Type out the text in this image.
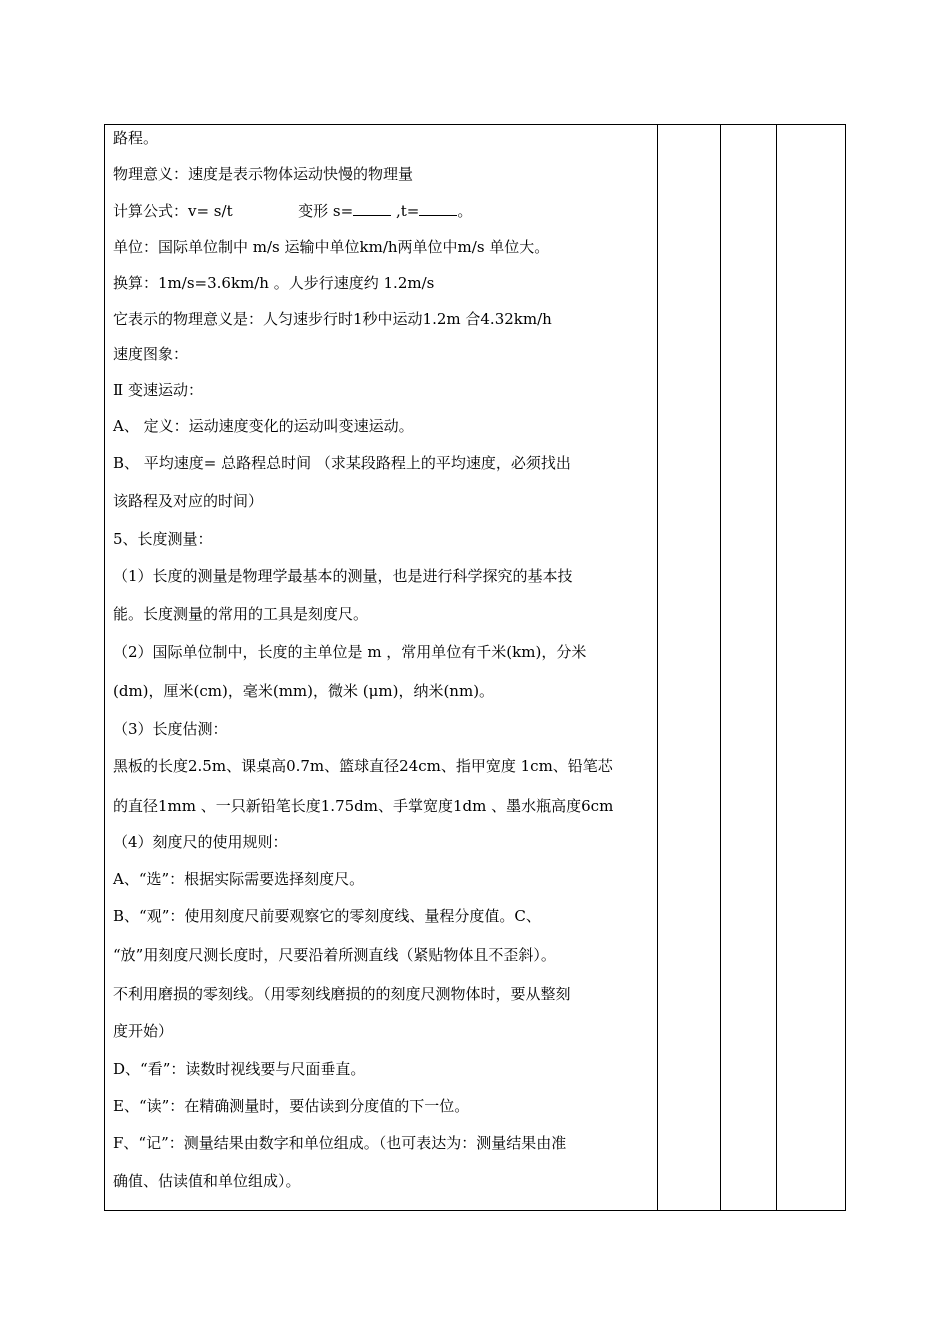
路程。
物理意义：速度是表示物体运动快慢的物理量
计算公式：v= s/t	变形 s=	,t=	。
单位：国际单位制中 m/s 运输中单位km/h两单位中m/s 单位大。
换算：1m/s=3.6km/h 。人步行速度约 1.2m/s
它表示的物理意义是：人匀速步行时1秒中运动1.2m 合4.32km/h
速度图象：
Ⅱ 变速运动：
A、 定义：运动速度变化的运动叫变速运动。
B、 平均速度= 总路程总时间 （求某段路程上的平均速度，必须找出
该路程及对应的时间）
5、长度测量：
（1）长度的测量是物理学最基本的测量，也是进行科学探究的基本技
能。长度测量的常用的工具是刻度尺。
（2）国际单位制中，长度的主单位是 m ，常用单位有千米(km)，分米
(dm)，厘米(cm)，毫米(mm)，微米 (μm)，纳米(nm)。
（3）长度估测：
黑板的长度2.5m、课桌高0.7m、篮球直径24cm、指甲宽度 1cm、铅笔芯
的直径1mm 、一只新铅笔长度1.75dm、手掌宽度1dm 、墨水瓶高度6cm
（4）刻度尺的使用规则：
A、“选”：根据实际需要选择刻度尺。
B、“观”：使用刻度尺前要观察它的零刻度线、量程分度值。C、
“放”用刻度尺测长度时，尺要沿着所测直线（紧贴物体且不歪斜）。
不利用磨损的零刻线。（用零刻线磨损的的刻度尺测物体时，要从整刻
度开始）
D、“看”：读数时视线要与尺面垂直。
E、“读”：在精确测量时，要估读到分度值的下一位。
F、“记”：测量结果由数字和单位组成。（也可表达为：测量结果由准
确值、估读值和单位组成）。
